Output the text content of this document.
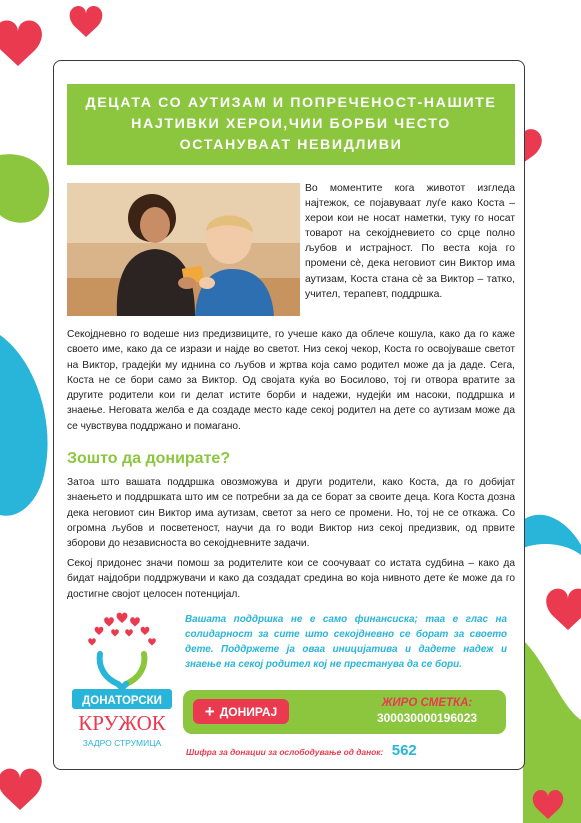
ДЕЦАТА СО АУТИЗАМ И ПОПРЕЧЕНОСТ-НАШИТЕ
НАЈТИВКИ ХЕРОИ,ЧИИ БОРБИ ЧЕСТО
ОСТАНУВААТ НЕВИДЛИВИ
Во моментите кога животот изгледа најтежок, се појавуваат луѓе како Коста – херои кои не носат наметки, туку го носат товарот на секојдневието со срце полно љубов и истрајност. По веста која го промени сè, дека неговиот син Виктор има аутизам, Коста стана сè за Виктор – татко, учител, терапевт, поддршка.

Секојдневно го водеше низ предизвиците, го учеше како да облече кошула, како да го каже своето име, како да се изрази и најде во светот. Низ секој чекор, Коста го освојуваше светот на Виктор, градејќи му иднина со љубов и жртва која само родител може да ја даде. Сега, Коста не се бори само за Виктор. Од својата куќа во Босилово, тој ги отвора вратите за другите родители кои ги делат истите борби и надежи, нудејќи им насоки, поддршка и знаење. Неговата желба е да создаде место каде секој родител на дете со аутизам може да се чувствува поддржано и помагано.

Зошто да донирате?

Затоа што вашата поддршка овозможува и други родители, како Коста, да го добијат знаењето и поддршката што им се потребни за да се борат за своите деца. Кога Коста дозна дека неговиот син Виктор има аутизам, светот за него се промени. Но, тој не се откажа. Со огромна љубов и посветеност, научи да го води Виктор низ секој предизвик, од првите зборови до независноста во секојдневните задачи.

Секој придонес значи помош за родителите кои се соочуваат со истата судбина – како да бидат најдобри поддржувачи и како да создадат средина во која нивното дете ќе може да го достигне својот целосен потенцијал.

Вашата поддршка не е само финансиска; таа е глас на солидарност за сите што секојдневно се борат за своето дете. Поддржете ја оваа иницијатива и дадете надеж и знаење на секој родител кој не престанува да се бори.

ДОНАТОРСКИ
КРУЖОК
ЗАДРО СТРУМИЦА
+ ДОНИРАЈ
ЖИРО СМЕТКА:
300030000196023
Шифра за донации за ослободување од данок: 562
